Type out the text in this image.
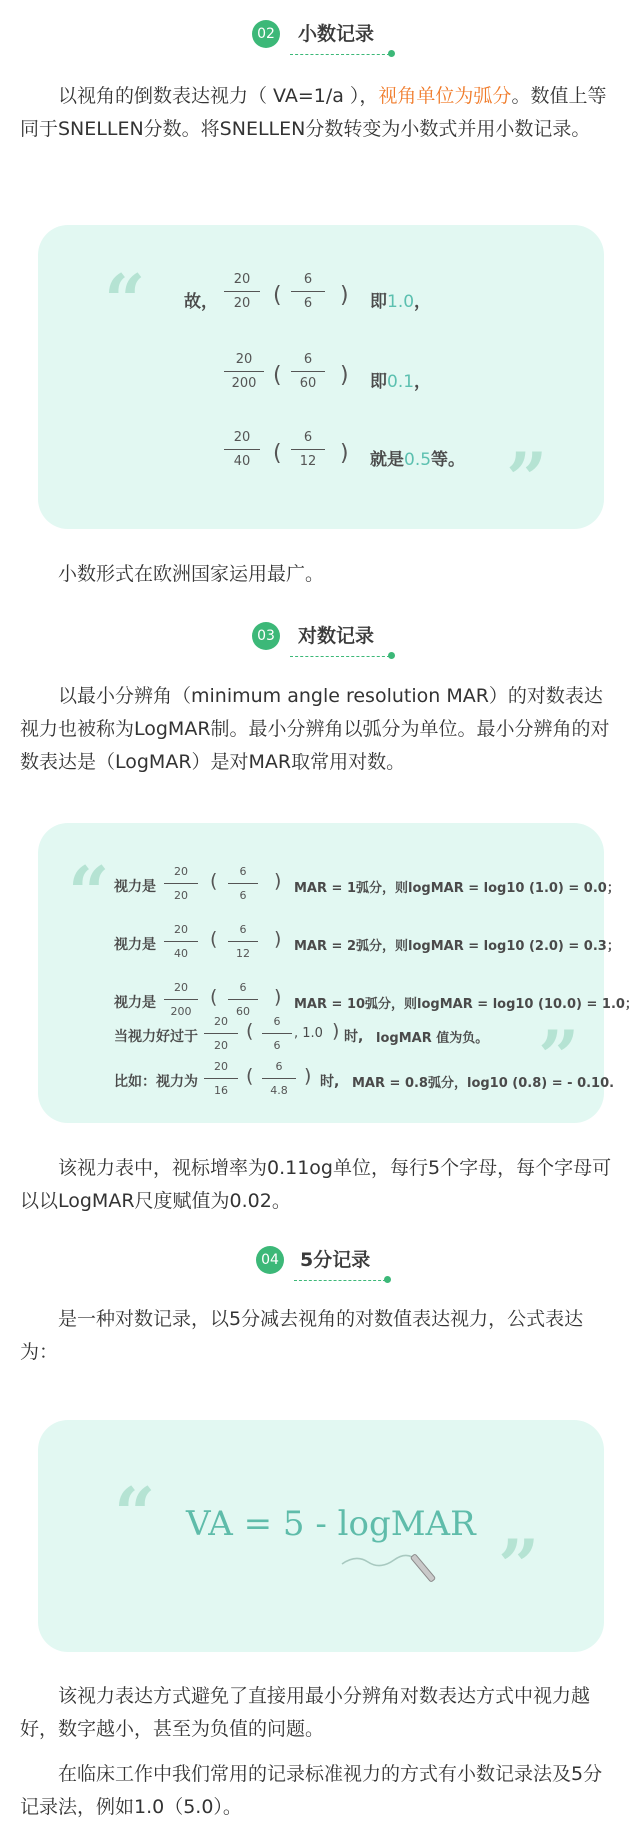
02 小数记录
以视角的倒数表达视力（ VA=1/a ），视角单位为弧分。数值上等同于SNELLEN分数。将SNELLEN分数转变为小数式并用小数记录。
“
”
故，
20
20	(
6
6	) 即1.0，
20
200 (
6
60	) 即0.1，
20
40	(
6
12	) 就是0.5等。
小数形式在欧洲国家运用最广。
03 对数记录
以最小分辨角（minimum angle resolution MAR）的对数表达视力也被称为LogMAR制。最小分辨角以弧分为单位。最小分辨角的对数表达是（LogMAR）是对MAR取常用对数。
“
”
视力是
20
20
(	6
6
) MAR = 1弧分，则logMAR = log10 (1.0) = 0.0；
视力是
20
40
(	6
12
) MAR = 2弧分，则logMAR = log10 (2.0) = 0.3；
视力是
20
200
(	6
60
) MAR = 10弧分，则logMAR = log10 (10.0) = 1.0；
当视力好过于
20
20
(	6
6
, 1.0 ) 时, logMAR 值为负。
比如：视力为
20
16
(	6
4.8
) 时, MAR = 0.8弧分，log10 (0.8) = - 0.10.
该视力表中，视标增率为0.11og单位，每行5个字母，每个字母可以以LogMAR尺度赋值为0.02。
04 5分记录
是一种对数记录，以5分减去视角的对数值表达视力，公式表达为：
“
”
VA = 5 - logMAR
该视力表达方式避免了直接用最小分辨角对数表达方式中视力越好，数字越小，甚至为负值的问题。
在临床工作中我们常用的记录标准视力的方式有小数记录法及5分记录法，例如1.0（5.0）。
